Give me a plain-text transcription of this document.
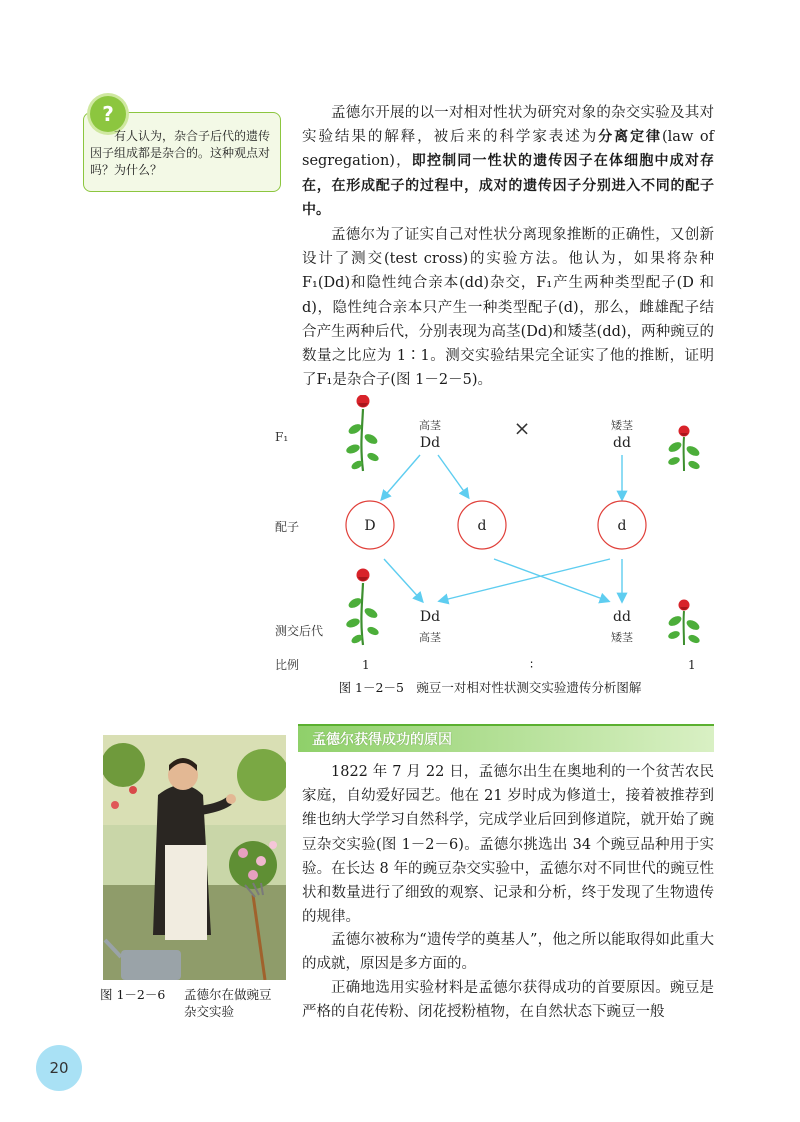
?
有人认为，杂合子后代的遗传因子组成都是杂合的。这种观点对吗？为什么？

孟德尔开展的以一对相对性状为研究对象的杂交实验及其对实验结果的解释，被后来的科学家表述为分离定律(law of segregation)，即控制同一性状的遗传因子在体细胞中成对存在，在形成配子的过程中，成对的遗传因子分别进入不同的配子中。

孟德尔为了证实自己对性状分离现象推断的正确性，又创新设计了测交(test cross)的实验方法。他认为，如果将杂种F₁(Dd)和隐性纯合亲本(dd)杂交，F₁产生两种类型配子(D 和 d)，隐性纯合亲本只产生一种类型配子(d)，那么，雌雄配子结合产生两种后代，分别表现为高茎(Dd)和矮茎(dd)，两种豌豆的数量之比应为 1∶1。测交实验结果完全证实了他的推断，证明了F₁是杂合子(图 1－2－5)。

F₁
配子
测交后代
比例
高茎
Dd
×	矮茎
dd
D	d	d
Dd
高茎
dd
矮茎
1	∶	1
图 1－2－5　豌豆一对相对性状测交实验遗传分析图解
孟德尔获得成功的原因

1822 年 7 月 22 日，孟德尔出生在奥地利的一个贫苦农民家庭，自幼爱好园艺。他在 21 岁时成为修道士，接着被推荐到维也纳大学学习自然科学，完成学业后回到修道院，就开始了豌豆杂交实验(图 1－2－6)。孟德尔挑选出 34 个豌豆品种用于实验。在长达 8 年的豌豆杂交实验中，孟德尔对不同世代的豌豆性状和数量进行了细致的观察、记录和分析，终于发现了生物遗传的规律。

孟德尔被称为“遗传学的奠基人”，他之所以能取得如此重大的成就，原因是多方面的。

正确地选用实验材料是孟德尔获得成功的首要原因。豌豆是严格的自花传粉、闭花授粉植物，在自然状态下豌豆一般

图 1－2－6 孟德尔在做豌豆
杂交实验
20
